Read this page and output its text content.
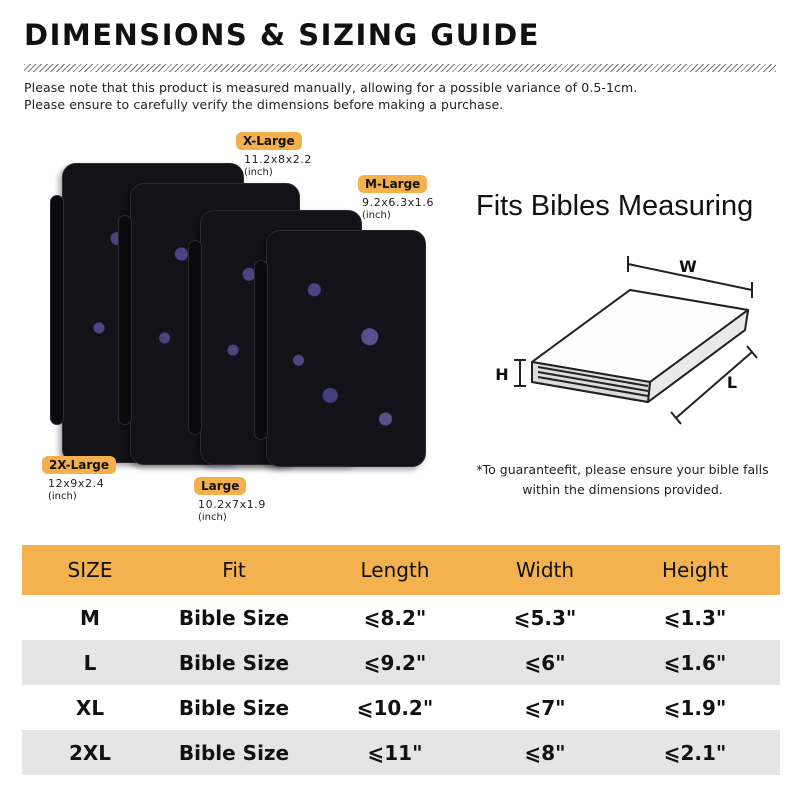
DIMENSIONS & SIZING GUIDE
Please note that this product is measured manually, allowing for a possible variance of 0.5-1cm.
Please ensure to carefully verify the dimensions before making a purchase.
X-Large
11.2x8x2.2
(inch)
M-Large
9.2x6.3x1.6
(inch)
2X-Large
12x9x2.4
(inch)
Large
10.2x7x1.9
(inch)
Fits Bibles Measuring
W
H	L
*To guaranteefit, please ensure your bible falls
within the dimensions provided.
SIZE	Fit	Length	Width	Height
M	Bible Size	⩽8.2"	⩽5.3"	⩽1.3"
L	Bible Size	⩽9.2"	⩽6"	⩽1.6"
XL	Bible Size	⩽10.2"	⩽7"	⩽1.9"
2XL	Bible Size	⩽11"	⩽8"	⩽2.1"
